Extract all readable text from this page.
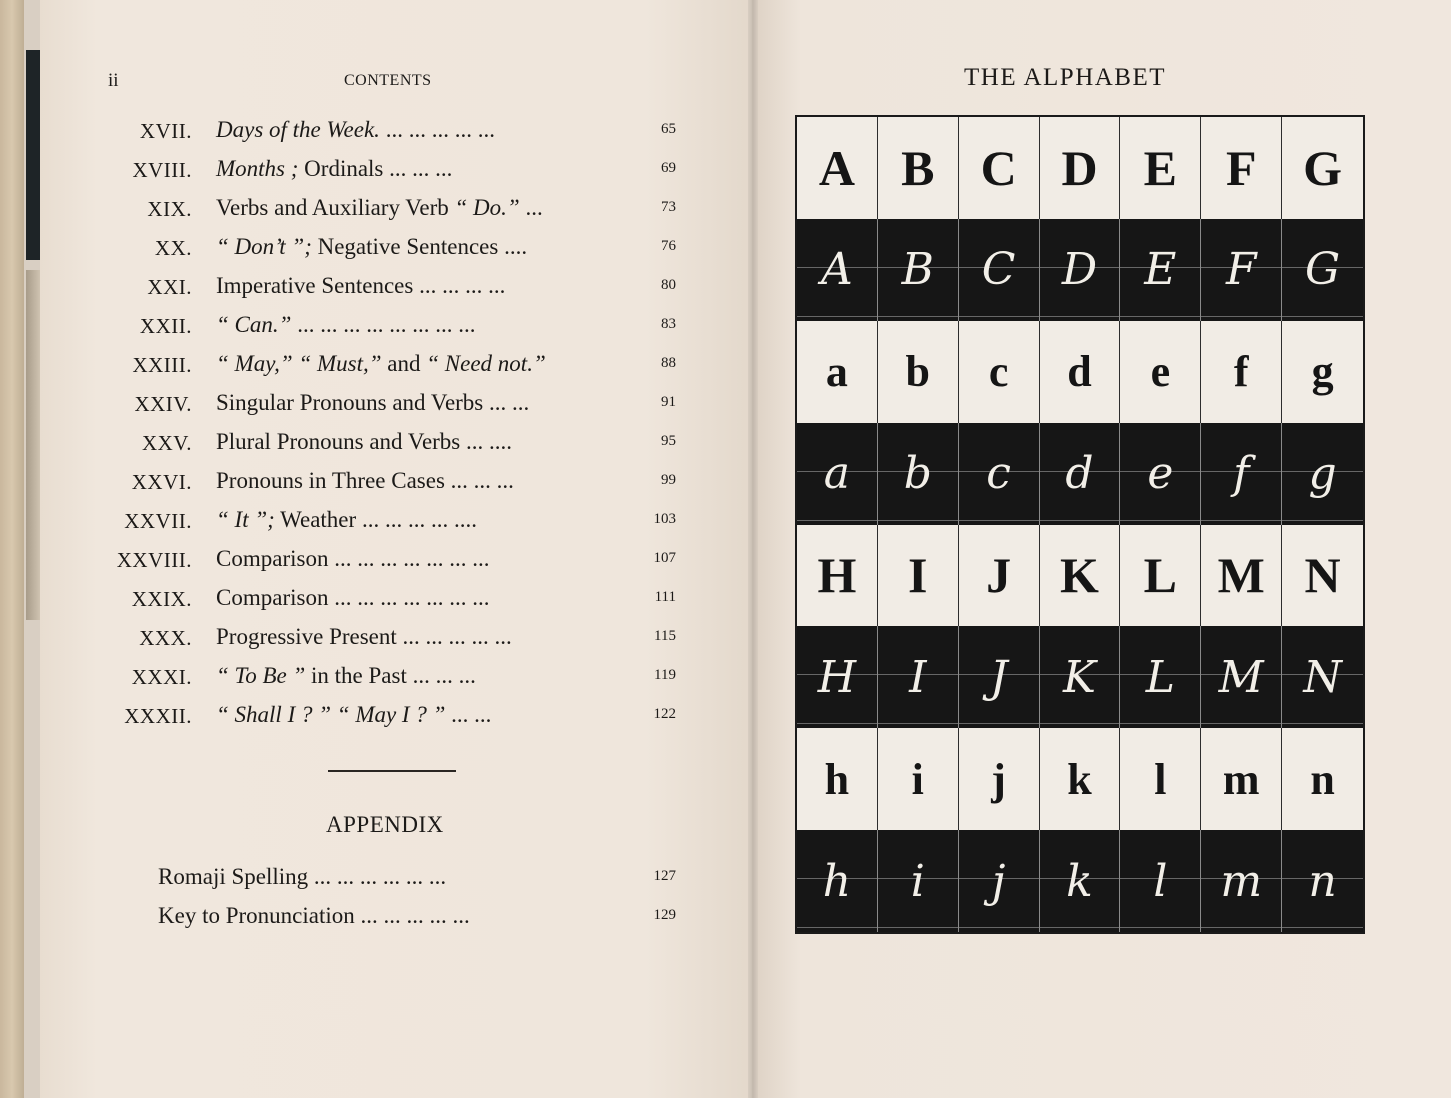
ii	CONTENTS
XVII. Days of the Week. ... ... ... ... ...	65
XVIII. Months ; Ordinals ... ... ...	69
XIX. Verbs and Auxiliary Verb “ Do.” ...	73
XX. “ Don’t ”; Negative Sentences ....	76
XXI. Imperative Sentences ... ... ... ...	80
XXII. “ Can.” ... ... ... ... ... ... ... ...	83
XXIII. “ May,” “ Must,” and “ Need not.”	88
XXIV. Singular Pronouns and Verbs ... ...	91
XXV. Plural Pronouns and Verbs ... ....	95
XXVI. Pronouns in Three Cases ... ... ...	99
XXVII. “ It ”; Weather ... ... ... ... ....	103
XXVIII. Comparison ... ... ... ... ... ... ...	107
XXIX. Comparison ... ... ... ... ... ... ...	111
XXX. Progressive Present ... ... ... ... ...	115
XXXI. “ To Be ” in the Past ... ... ...	119
XXXII. “ Shall I ? ” “ May I ? ” ... ...	122
APPENDIX
Romaji Spelling ... ... ... ... ... ...	127
Key to Pronunciation ... ... ... ... ...	129
THE ALPHABET
A B C D E F G
A	B	C	D	E	F	G
a	b	c	d	e	f	g
a	b	c	d	e	f	g
H	I	J K L M N
H	I	J	K	L M N
h	i	j	k	l	m	n
h	i	j	k	l	m	n
